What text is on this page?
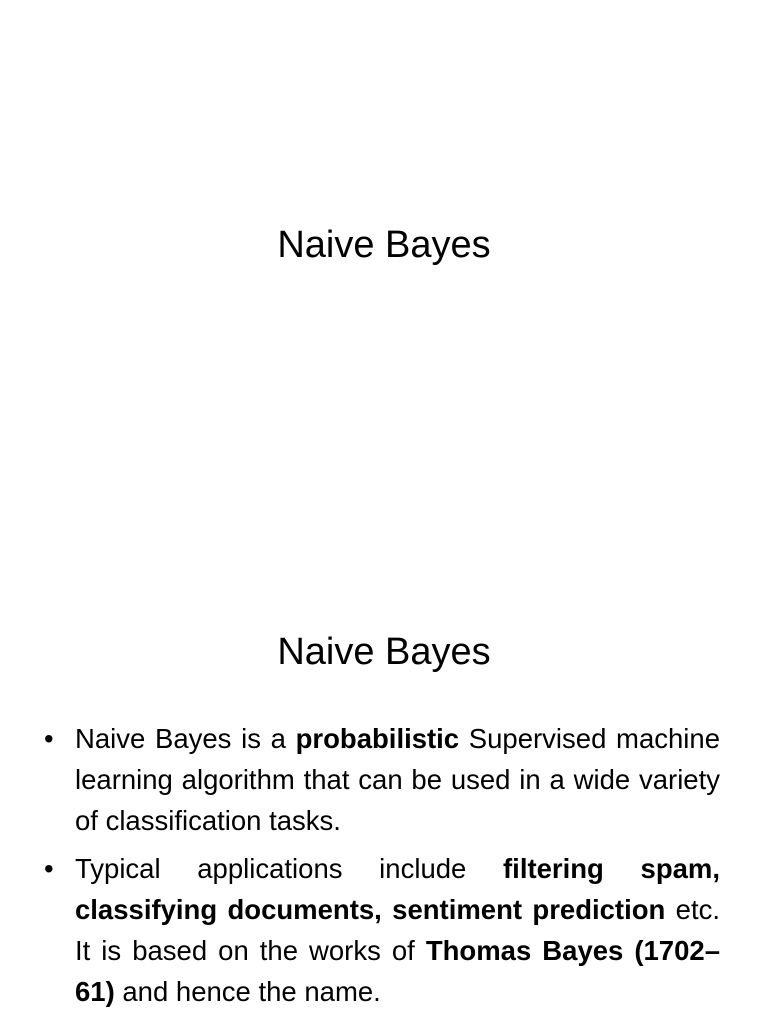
Naive Bayes
Naive Bayes
• Naive Bayes is a probabilistic Supervised machine learning algorithm that can be used in a wide variety of classification tasks.
• Typical applications include filtering spam, classifying documents, sentiment prediction etc. It is based on the works of Thomas Bayes (1702–61) and hence the name.
